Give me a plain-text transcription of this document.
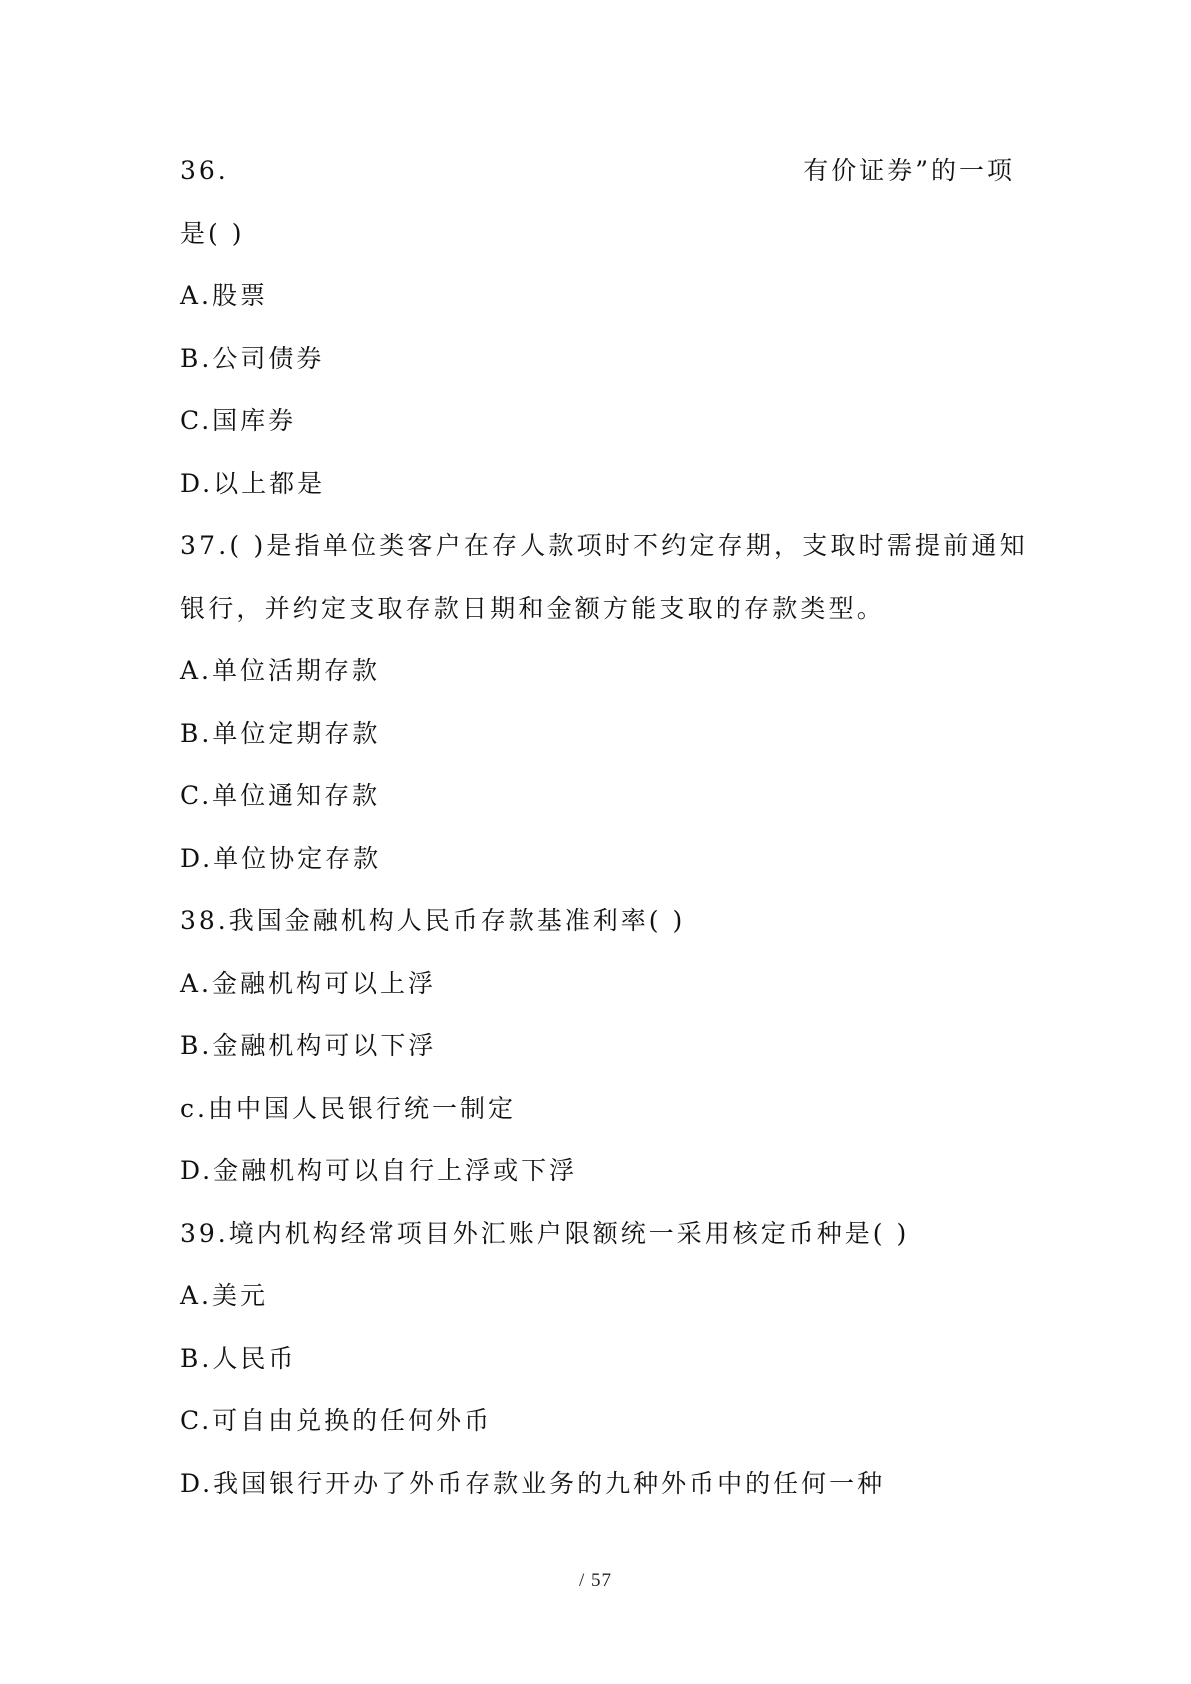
36.	有价证券”的一项
是( )
A.股票
B.公司债券
C.国库券
D.以上都是
37.( )是指单位类客户在存人款项时不约定存期，支取时需提前通知
银行，并约定支取存款日期和金额方能支取的存款类型。
A.单位活期存款
B.单位定期存款
C.单位通知存款
D.单位协定存款
38.我国金融机构人民币存款基准利率( )
A.金融机构可以上浮
B.金融机构可以下浮
c.由中国人民银行统一制定
D.金融机构可以自行上浮或下浮
39.境内机构经常项目外汇账户限额统一采用核定币种是( )
A.美元
B.人民币
C.可自由兑换的任何外币
D.我国银行开办了外币存款业务的九种外币中的任何一种
/ 57
